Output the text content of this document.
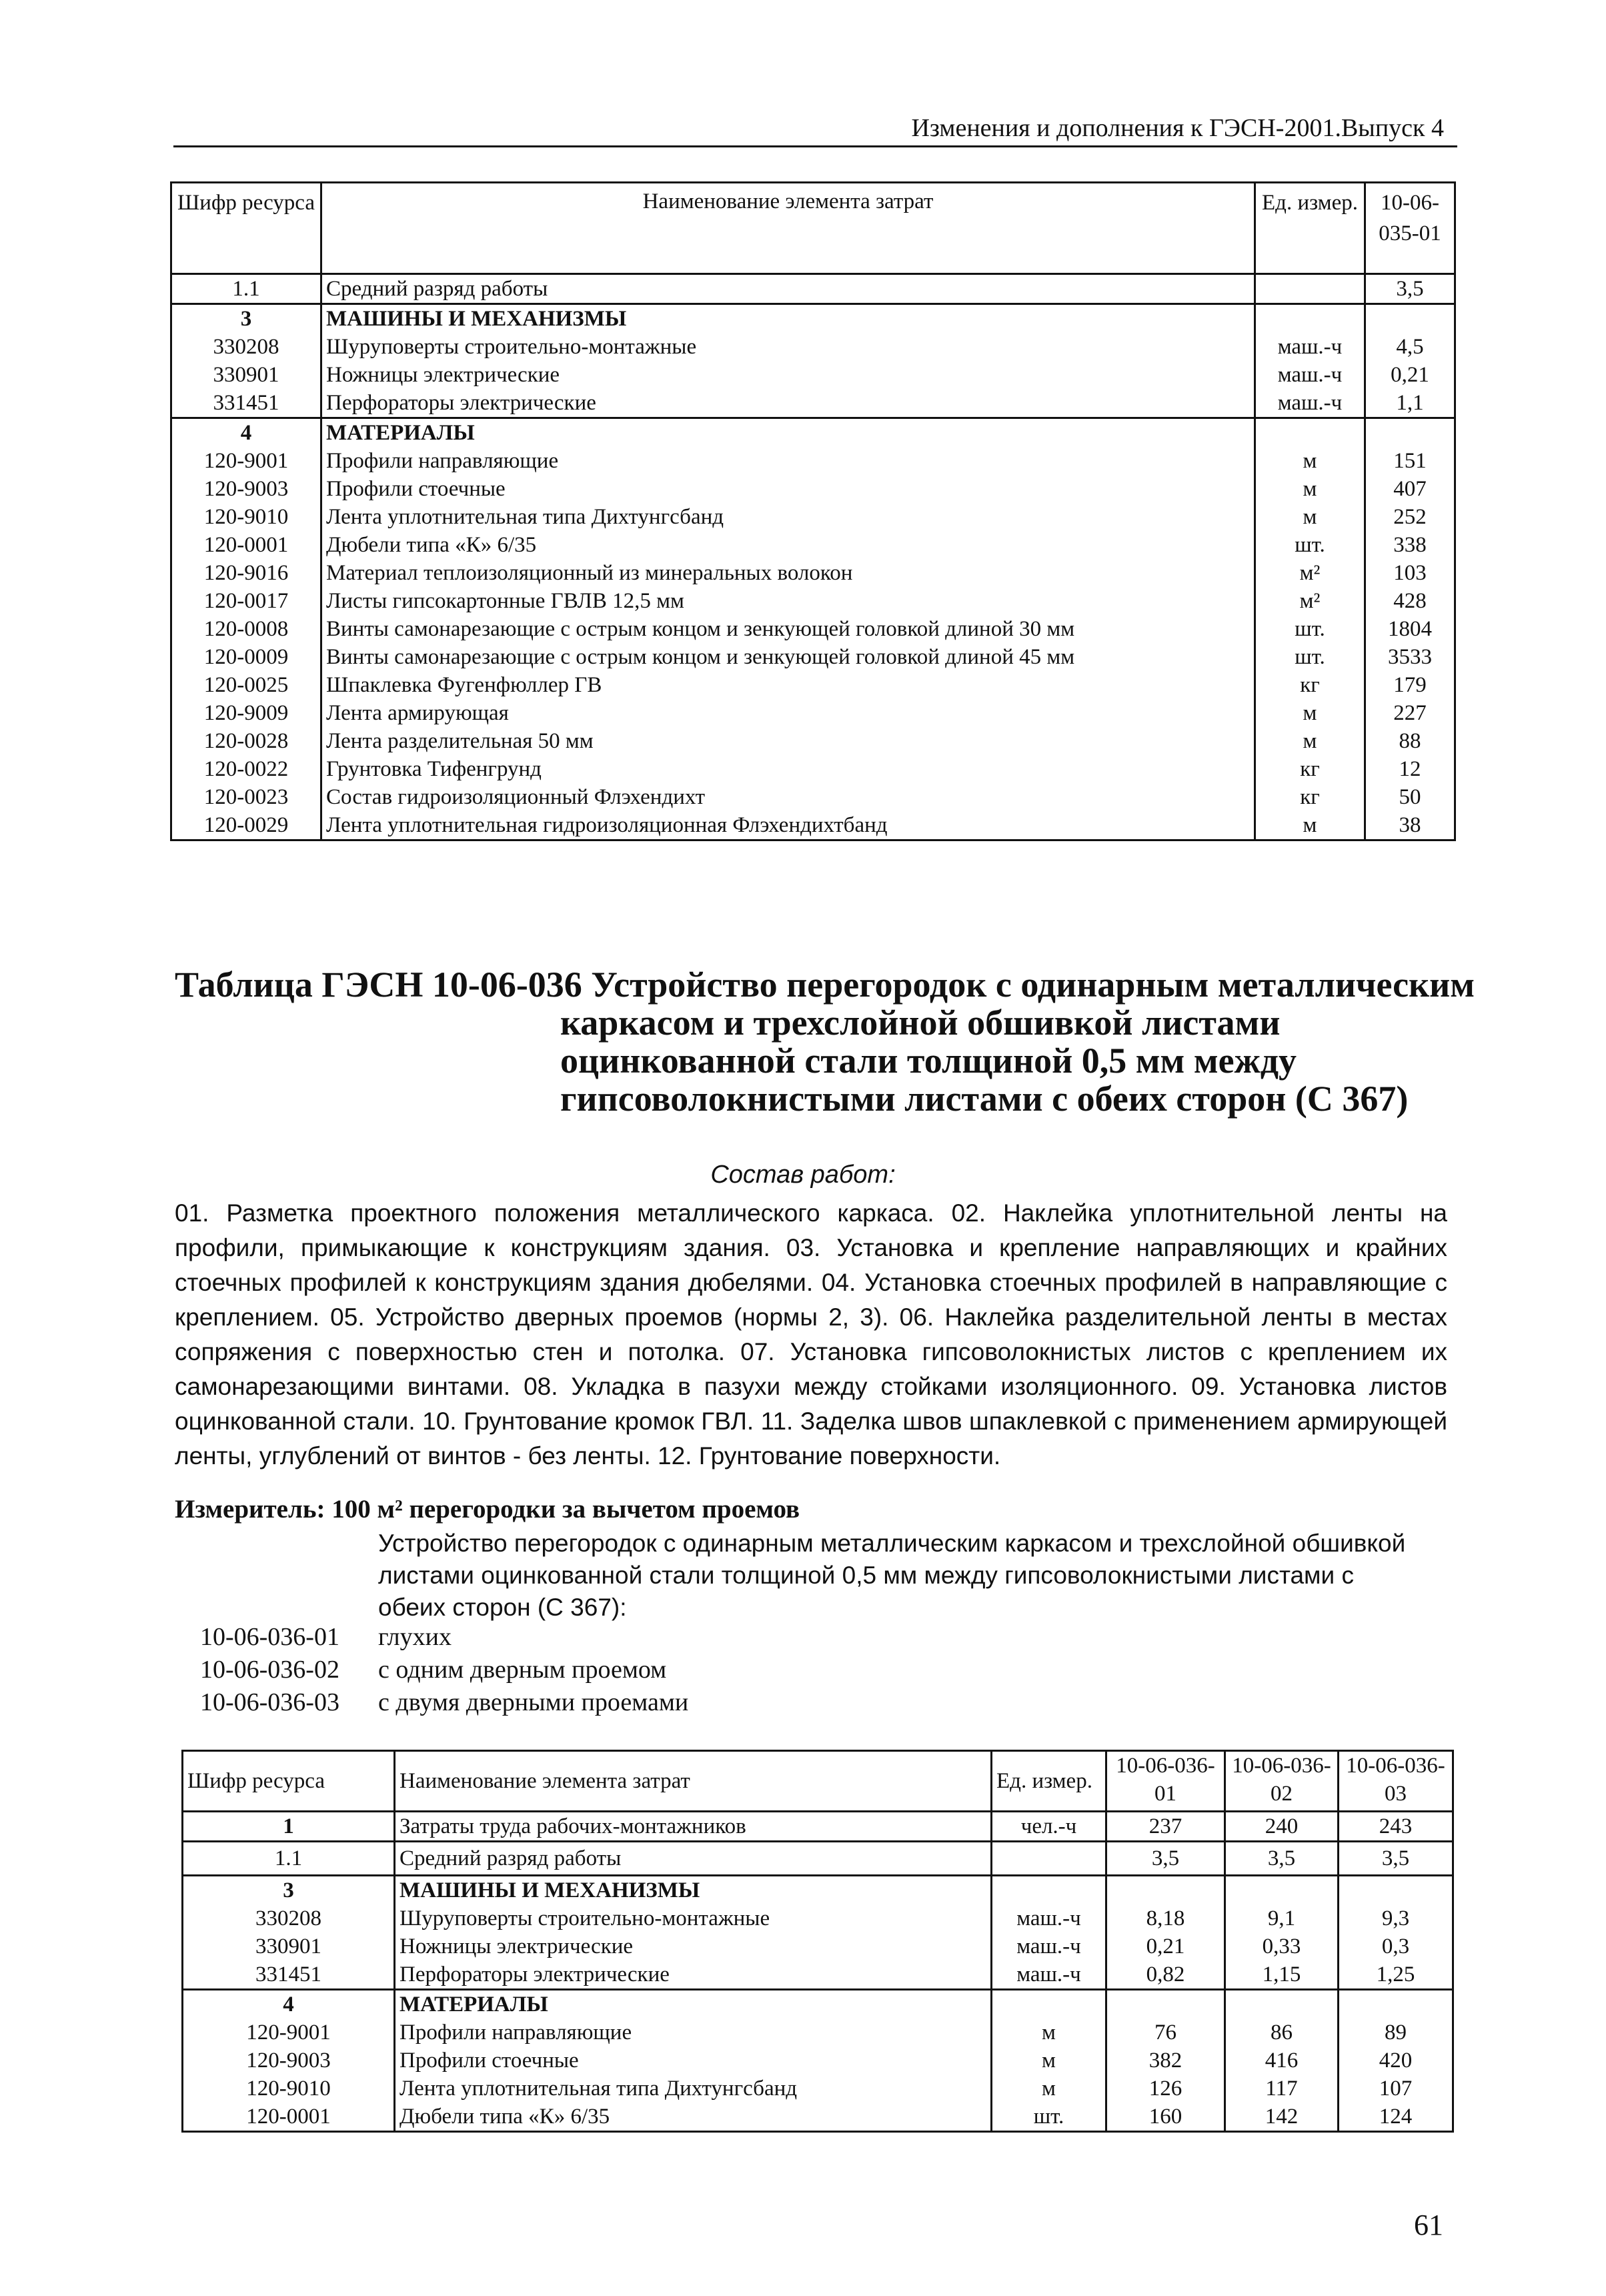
Изменения и дополнения к ГЭСН-2001.Выпуск 4
Шифр ресурса	Наименование элемента затрат	Ед. измер.	10-06-035-01
1.1	Средний разряд работы		3,5
3	МАШИНЫ И МЕХАНИЗМЫ		
330208	Шуруповерты строительно-монтажные	маш.-ч	4,5
330901	Ножницы электрические	маш.-ч	0,21
331451	Перфораторы электрические	маш.-ч	1,1
4	МАТЕРИАЛЫ		
120-9001	Профили направляющие	м	151
120-9003	Профили стоечные	м	407
120-9010	Лента уплотнительная типа Дихтунгсбанд	м	252
120-0001	Дюбели типа «К» 6/35	шт.	338
120-9016	Материал теплоизоляционный из минеральных волокон	м²	103
120-0017	Листы гипсокартонные ГВЛВ 12,5 мм	м²	428
120-0008	Винты самонарезающие с острым концом и зенкующей головкой длиной 30 мм	шт.	1804
120-0009	Винты самонарезающие с острым концом и зенкующей головкой длиной 45 мм	шт.	3533
120-0025	Шпаклевка Фугенфюллер ГВ	кг	179
120-9009	Лента армирующая	м	227
120-0028	Лента разделительная 50 мм	м	88
120-0022	Грунтовка Тифенгрунд	кг	12
120-0023	Состав гидроизоляционный Флэхендихт	кг	50
120-0029	Лента уплотнительная гидроизоляционная Флэхендихтбанд	м	38
Таблица ГЭСН 10-06-036 Устройство перегородок с одинарным металлическим
каркасом и трехслойной обшивкой листами
оцинкованной стали толщиной 0,5 мм между
гипсоволокнистыми листами с обеих сторон (С 367)
Состав работ:
01. Разметка проектного положения металлического каркаса. 02. Наклейка уплотнительной ленты на профили, примыкающие к конструкциям здания. 03. Установка и крепление направляющих и крайних стоечных профилей к конструкциям здания дюбелями. 04. Установка стоечных профилей в направляющие с креплением. 05. Устройство дверных проемов (нормы 2, 3). 06. Наклейка разделительной ленты в местах сопряжения с поверхностью стен и потолка. 07. Установка гипсоволокнистых листов с креплением их самонарезающими винтами. 08. Укладка в пазухи между стойками изоляционного. 09. Установка листов оцинкованной стали. 10. Грунтование кромок ГВЛ. 11. Заделка швов шпаклевкой с применением армирующей ленты, углублений от винтов - без ленты. 12. Грунтование поверхности.
Измеритель: 100 м² перегородки за вычетом проемов
Устройство перегородок с одинарным металлическим каркасом и трехслойной обшивкой листами оцинкованной стали толщиной 0,5 мм между гипсоволокнистыми листами с обеих сторон (С 367):
10-06-036-01 глухих
10-06-036-02 с одним дверным проемом
10-06-036-03 с двумя дверными проемами
Шифр ресурса	Наименование элемента затрат	Ед. измер.	10-06-036-01	10-06-036-02	10-06-036-03
1	Затраты труда рабочих-монтажников	чел.-ч	237	240	243
1.1	Средний разряд работы		3,5	3,5	3,5
3	МАШИНЫ И МЕХАНИЗМЫ				
330208	Шуруповерты строительно-монтажные	маш.-ч	8,18	9,1	9,3
330901	Ножницы электрические	маш.-ч	0,21	0,33	0,3
331451	Перфораторы электрические	маш.-ч	0,82	1,15	1,25
4	МАТЕРИАЛЫ				
120-9001	Профили направляющие	м	76	86	89
120-9003	Профили стоечные	м	382	416	420
120-9010	Лента уплотнительная типа Дихтунгсбанд	м	126	117	107
120-0001	Дюбели типа «К» 6/35	шт.	160	142	124
61
